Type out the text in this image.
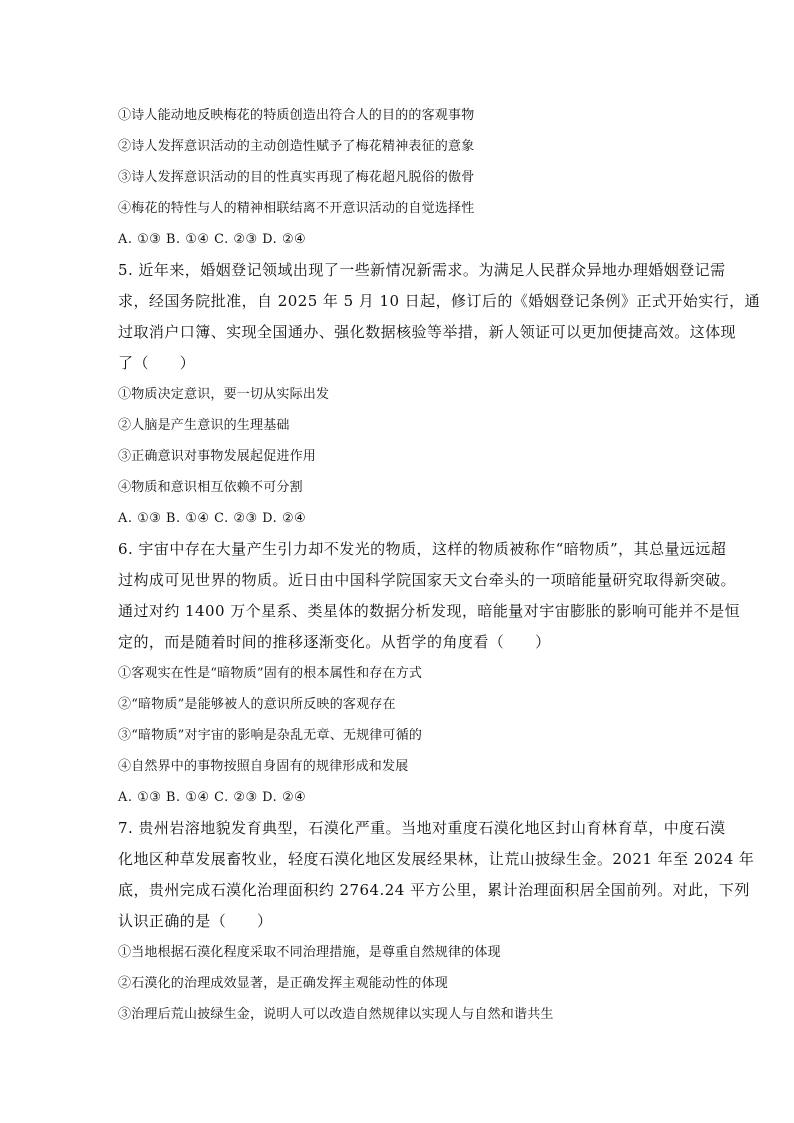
①诗人能动地反映梅花的特质创造出符合人的目的的客观事物
②诗人发挥意识活动的主动创造性赋予了梅花精神表征的意象
③诗人发挥意识活动的目的性真实再现了梅花超凡脱俗的傲骨
④梅花的特性与人的精神相联结离不开意识活动的自觉选择性
A. ①③ B. ①④ C. ②③ D. ②④
5. 近年来，婚姻登记领域出现了一些新情况新需求。为满足人民群众异地办理婚姻登记需
求，经国务院批准，自 2025 年 5 月 10 日起，修订后的《婚姻登记条例》正式开始实行，通
过取消户口簿、实现全国通办、强化数据核验等举措，新人领证可以更加便捷高效。这体现
了（　　）
①物质决定意识，要一切从实际出发
②人脑是产生意识的生理基础
③正确意识对事物发展起促进作用
④物质和意识相互依赖不可分割
A. ①③ B. ①④ C. ②③ D. ②④
6. 宇宙中存在大量产生引力却不发光的物质，这样的物质被称作“暗物质”，其总量远远超
过构成可见世界的物质。近日由中国科学院国家天文台牵头的一项暗能量研究取得新突破。
通过对约 1400 万个星系、类星体的数据分析发现，暗能量对宇宙膨胀的影响可能并不是恒
定的，而是随着时间的推移逐渐变化。从哲学的角度看（　　）
①客观实在性是“暗物质”固有的根本属性和存在方式
②“暗物质”是能够被人的意识所反映的客观存在
③“暗物质”对宇宙的影响是杂乱无章、无规律可循的
④自然界中的事物按照自身固有的规律形成和发展
A. ①③ B. ①④ C. ②③ D. ②④
7. 贵州岩溶地貌发育典型，石漠化严重。当地对重度石漠化地区封山育林育草，中度石漠
化地区种草发展畜牧业，轻度石漠化地区发展经果林，让荒山披绿生金。2021 年至 2024 年
底，贵州完成石漠化治理面积约 2764.24 平方公里，累计治理面积居全国前列。对此，下列
认识正确的是（　　）
①当地根据石漠化程度采取不同治理措施，是尊重自然规律的体现
②石漠化的治理成效显著，是正确发挥主观能动性的体现
③治理后荒山披绿生金，说明人可以改造自然规律以实现人与自然和谐共生
